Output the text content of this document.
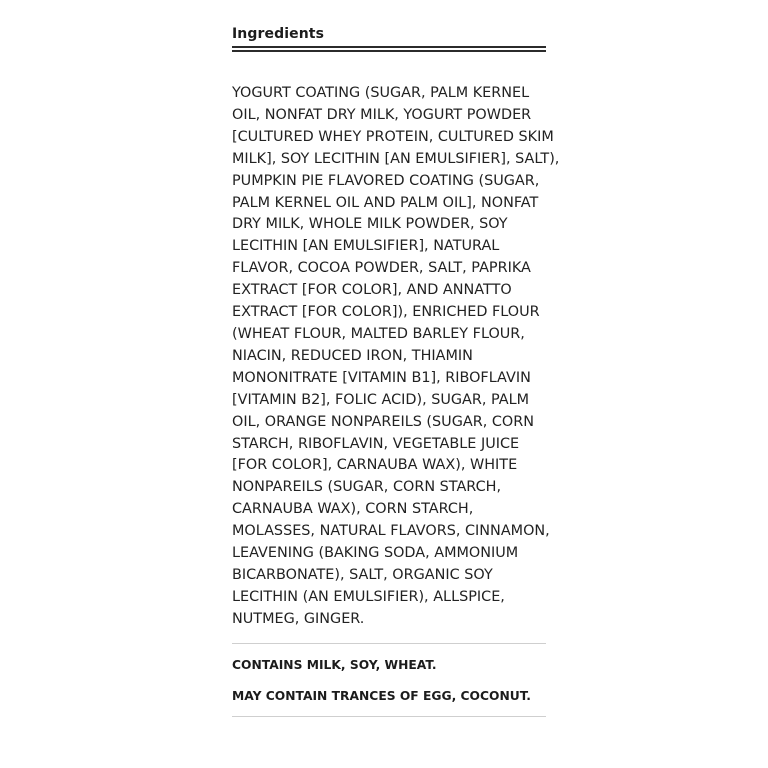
Ingredients
YOGURT COATING (SUGAR, PALM KERNEL
OIL, NONFAT DRY MILK, YOGURT POWDER
[CULTURED WHEY PROTEIN, CULTURED SKIM
MILK], SOY LECITHIN [AN EMULSIFIER], SALT),
PUMPKIN PIE FLAVORED COATING (SUGAR,
PALM KERNEL OIL AND PALM OIL], NONFAT
DRY MILK, WHOLE MILK POWDER, SOY
LECITHIN [AN EMULSIFIER], NATURAL
FLAVOR, COCOA POWDER, SALT, PAPRIKA
EXTRACT [FOR COLOR], AND ANNATTO
EXTRACT [FOR COLOR]), ENRICHED FLOUR
(WHEAT FLOUR, MALTED BARLEY FLOUR,
NIACIN, REDUCED IRON, THIAMIN
MONONITRATE [VITAMIN B1], RIBOFLAVIN
[VITAMIN B2], FOLIC ACID), SUGAR, PALM
OIL, ORANGE NONPAREILS (SUGAR, CORN
STARCH, RIBOFLAVIN, VEGETABLE JUICE
[FOR COLOR], CARNAUBA WAX), WHITE
NONPAREILS (SUGAR, CORN STARCH,
CARNAUBA WAX), CORN STARCH,
MOLASSES, NATURAL FLAVORS, CINNAMON,
LEAVENING (BAKING SODA, AMMONIUM
BICARBONATE), SALT, ORGANIC SOY
LECITHIN (AN EMULSIFIER), ALLSPICE,
NUTMEG, GINGER.
CONTAINS MILK, SOY, WHEAT.
MAY CONTAIN TRANCES OF EGG, COCONUT.
